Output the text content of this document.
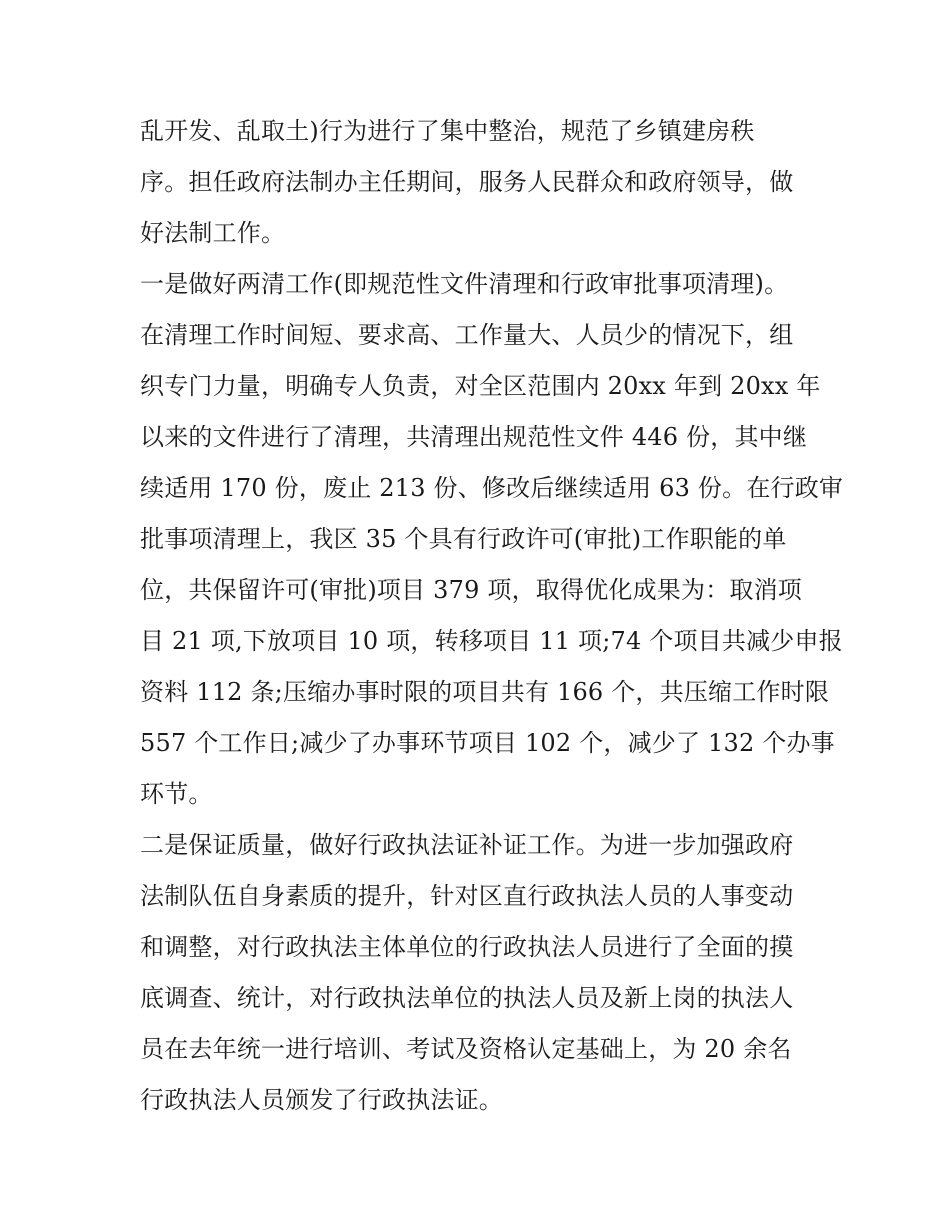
乱开发、乱取土)行为进行了集中整治，规范了乡镇建房秩
序。担任政府法制办主任期间，服务人民群众和政府领导，做
好法制工作。
一是做好两清工作(即规范性文件清理和行政审批事项清理)。
在清理工作时间短、要求高、工作量大、人员少的情况下，组
织专门力量，明确专人负责，对全区范围内 20xx 年到 20xx 年
以来的文件进行了清理，共清理出规范性文件 446 份，其中继
续适用 170 份，废止 213 份、修改后继续适用 63 份。在行政审
批事项清理上，我区 35 个具有行政许可(审批)工作职能的单
位，共保留许可(审批)项目 379 项，取得优化成果为：取消项
目 21 项,下放项目 10 项，转移项目 11 项;74 个项目共减少申报
资料 112 条;压缩办事时限的项目共有 166 个，共压缩工作时限
557 个工作日;减少了办事环节项目 102 个，减少了 132 个办事
环节。
二是保证质量，做好行政执法证补证工作。为进一步加强政府
法制队伍自身素质的提升，针对区直行政执法人员的人事变动
和调整，对行政执法主体单位的行政执法人员进行了全面的摸
底调查、统计，对行政执法单位的执法人员及新上岗的执法人
员在去年统一进行培训、考试及资格认定基础上，为 20 余名
行政执法人员颁发了行政执法证。
